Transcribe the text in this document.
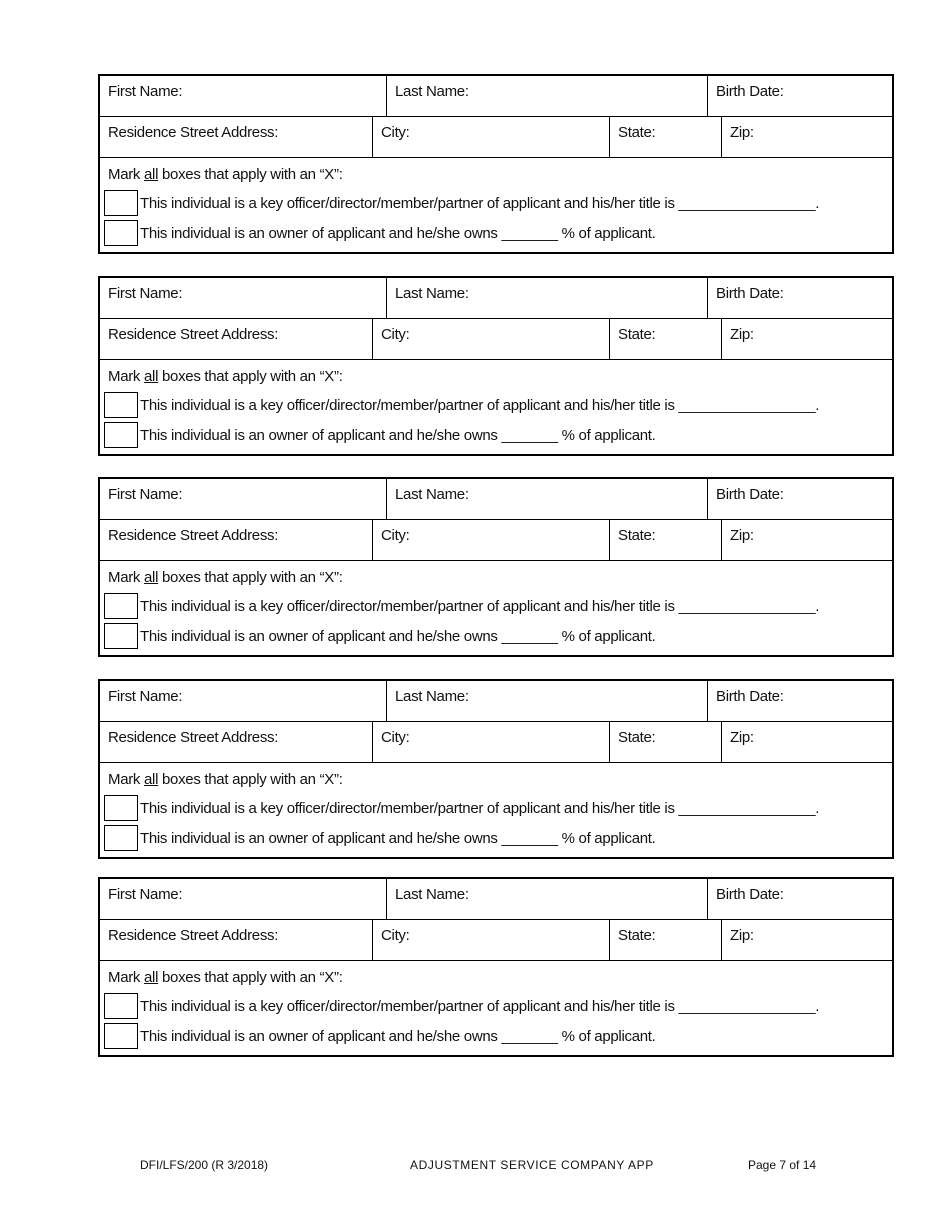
First Name:	Last Name:	Birth Date:
Residence Street Address:	City:	State:	Zip:
Mark all boxes that apply with an “X”:
This individual is a key officer/director/member/partner of applicant and his/her title is _________________.
This individual is an owner of applicant and he/she owns _______ % of applicant.
First Name:	Last Name:	Birth Date:
Residence Street Address:	City:	State:	Zip:
Mark all boxes that apply with an “X”:
This individual is a key officer/director/member/partner of applicant and his/her title is _________________.
This individual is an owner of applicant and he/she owns _______ % of applicant.
First Name:	Last Name:	Birth Date:
Residence Street Address:	City:	State:	Zip:
Mark all boxes that apply with an “X”:
This individual is a key officer/director/member/partner of applicant and his/her title is _________________.
This individual is an owner of applicant and he/she owns _______ % of applicant.
First Name:	Last Name:	Birth Date:
Residence Street Address:	City:	State:	Zip:
Mark all boxes that apply with an “X”:
This individual is a key officer/director/member/partner of applicant and his/her title is _________________.
This individual is an owner of applicant and he/she owns _______ % of applicant.
First Name:	Last Name:	Birth Date:
Residence Street Address:	City:	State:	Zip:
Mark all boxes that apply with an “X”:
This individual is a key officer/director/member/partner of applicant and his/her title is _________________.
This individual is an owner of applicant and he/she owns _______ % of applicant.
DFI/LFS/200 (R 3/2018)	ADJUSTMENT SERVICE COMPANY APP	Page 7 of 14
